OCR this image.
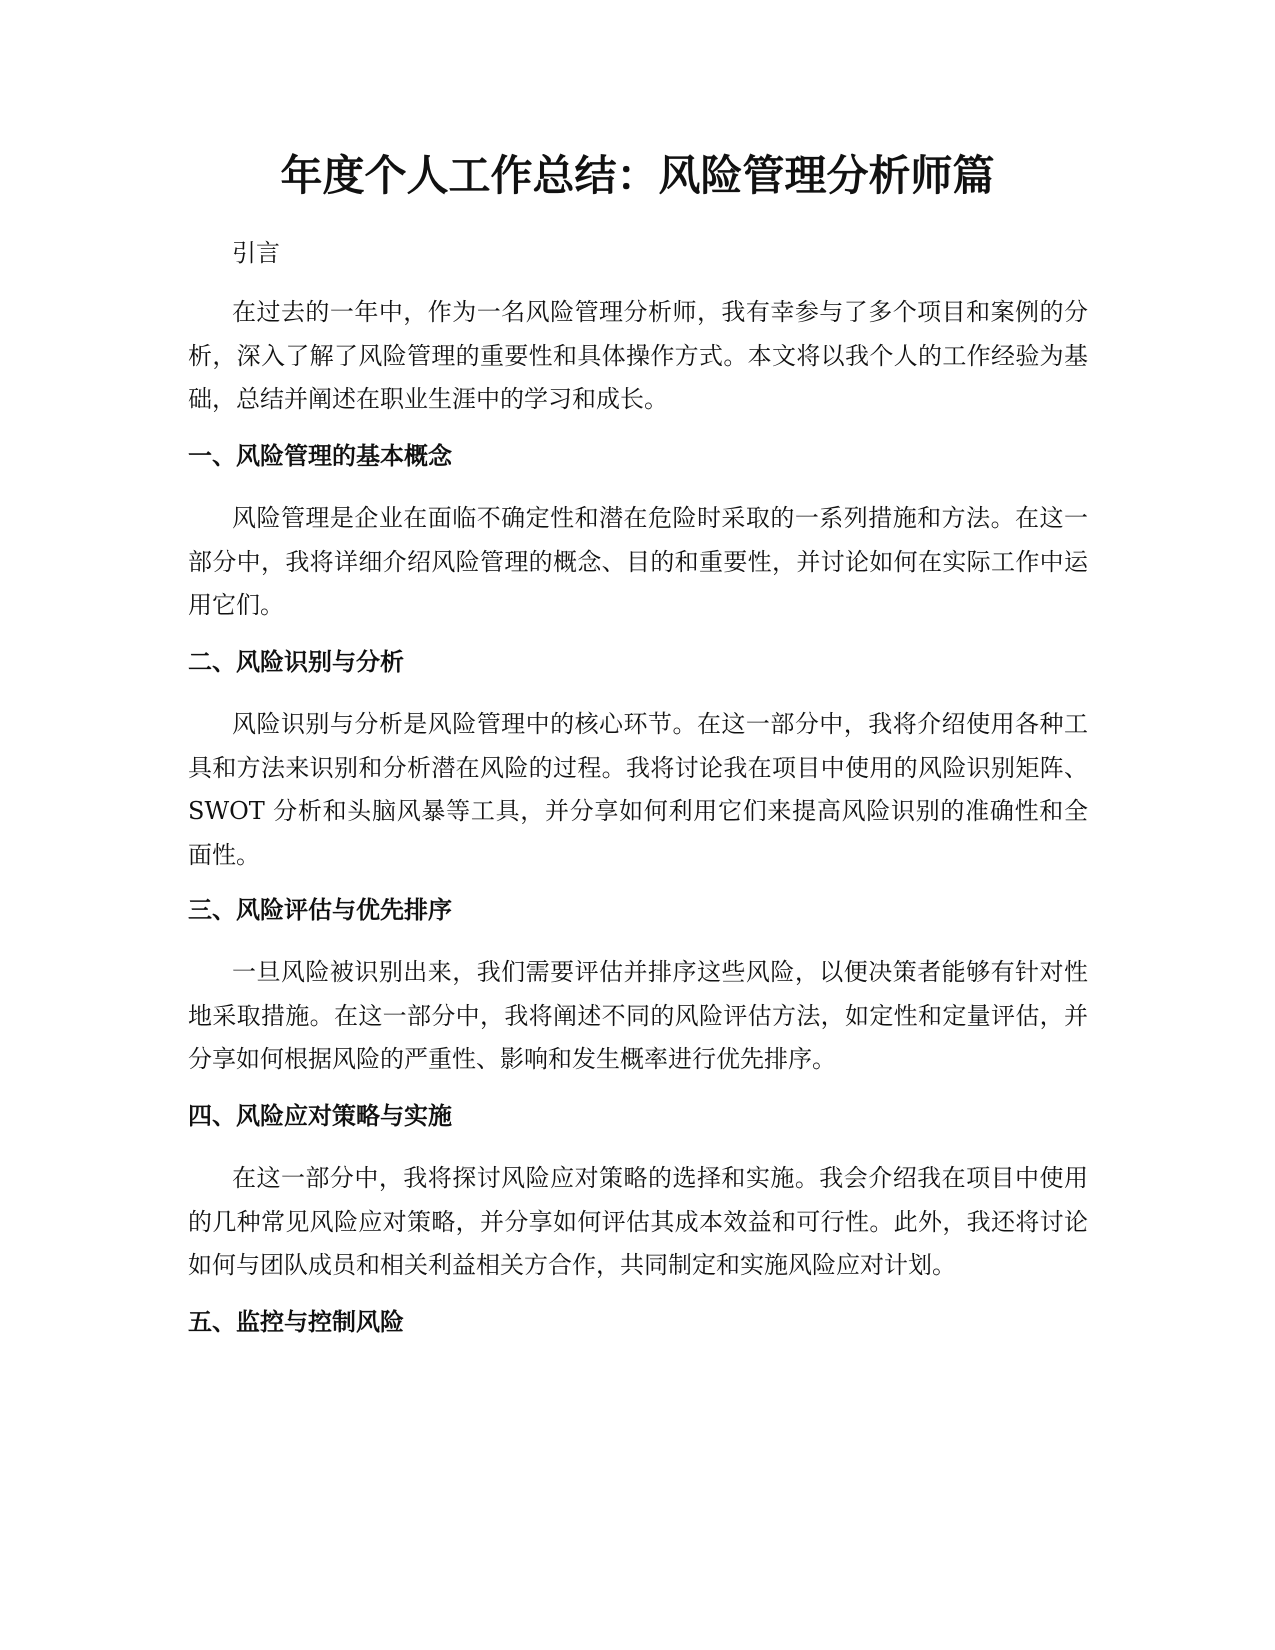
年度个人工作总结：风险管理分析师篇

引言

在过去的一年中，作为一名风险管理分析师，我有幸参与了多个项目和案例的分析，深入了解了风险管理的重要性和具体操作方式。本文将以我个人的工作经验为基础，总结并阐述在职业生涯中的学习和成长。

一、风险管理的基本概念

风险管理是企业在面临不确定性和潜在危险时采取的一系列措施和方法。在这一部分中，我将详细介绍风险管理的概念、目的和重要性，并讨论如何在实际工作中运用它们。

二、风险识别与分析

风险识别与分析是风险管理中的核心环节。在这一部分中，我将介绍使用各种工具和方法来识别和分析潜在风险的过程。我将讨论我在项目中使用的风险识别矩阵、SWOT 分析和头脑风暴等工具，并分享如何利用它们来提高风险识别的准确性和全面性。

三、风险评估与优先排序

一旦风险被识别出来，我们需要评估并排序这些风险，以便决策者能够有针对性地采取措施。在这一部分中，我将阐述不同的风险评估方法，如定性和定量评估，并分享如何根据风险的严重性、影响和发生概率进行优先排序。

四、风险应对策略与实施

在这一部分中，我将探讨风险应对策略的选择和实施。我会介绍我在项目中使用的几种常见风险应对策略，并分享如何评估其成本效益和可行性。此外，我还将讨论如何与团队成员和相关利益相关方合作，共同制定和实施风险应对计划。

五、监控与控制风险
